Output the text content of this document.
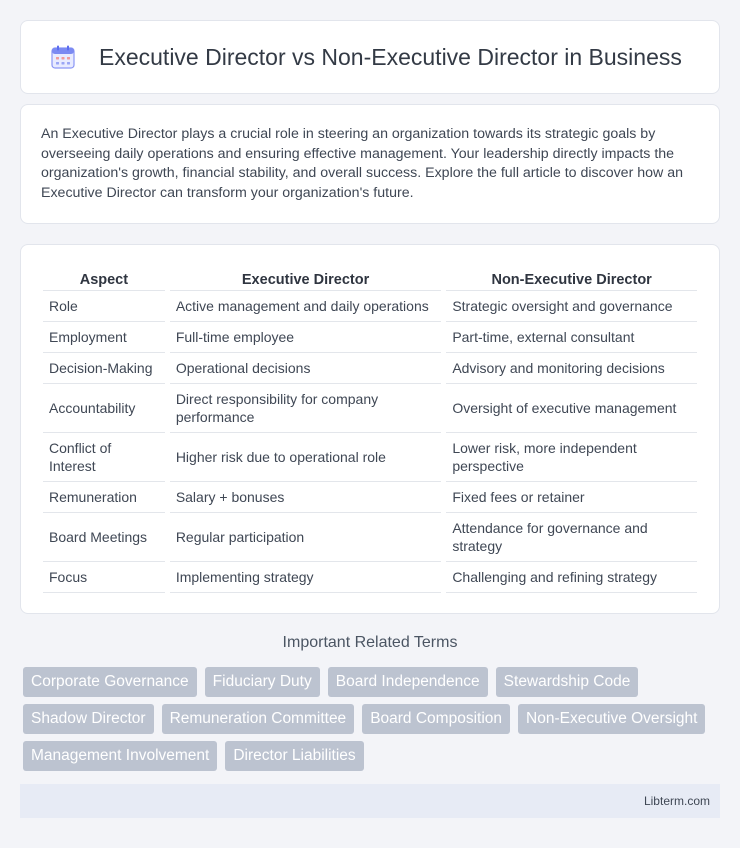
Executive Director vs Non-Executive Director in Business

An Executive Director plays a crucial role in steering an organization towards its strategic goals by overseeing daily operations and ensuring effective management. Your leadership directly impacts the organization's growth, financial stability, and overall success. Explore the full article to discover how an Executive Director can transform your organization's future.

Aspect	Executive Director	Non-Executive Director
Role	Active management and daily operations	Strategic oversight and governance
Employment	Full-time employee	Part-time, external consultant
Decision-Making	Operational decisions	Advisory and monitoring decisions
Accountability	Direct responsibility for company performance	Oversight of executive management
Conflict of Interest	Higher risk due to operational role	Lower risk, more independent perspective
Remuneration	Salary + bonuses	Fixed fees or retainer
Board Meetings	Regular participation	Attendance for governance and strategy
Focus	Implementing strategy	Challenging and refining strategy
Important Related Terms
Corporate Governance	Fiduciary Duty	Board Independence	Stewardship Code
Shadow Director	Remuneration Committee	Board Composition	Non-Executive Oversight
Management Involvement	Director Liabilities
Libterm.com
